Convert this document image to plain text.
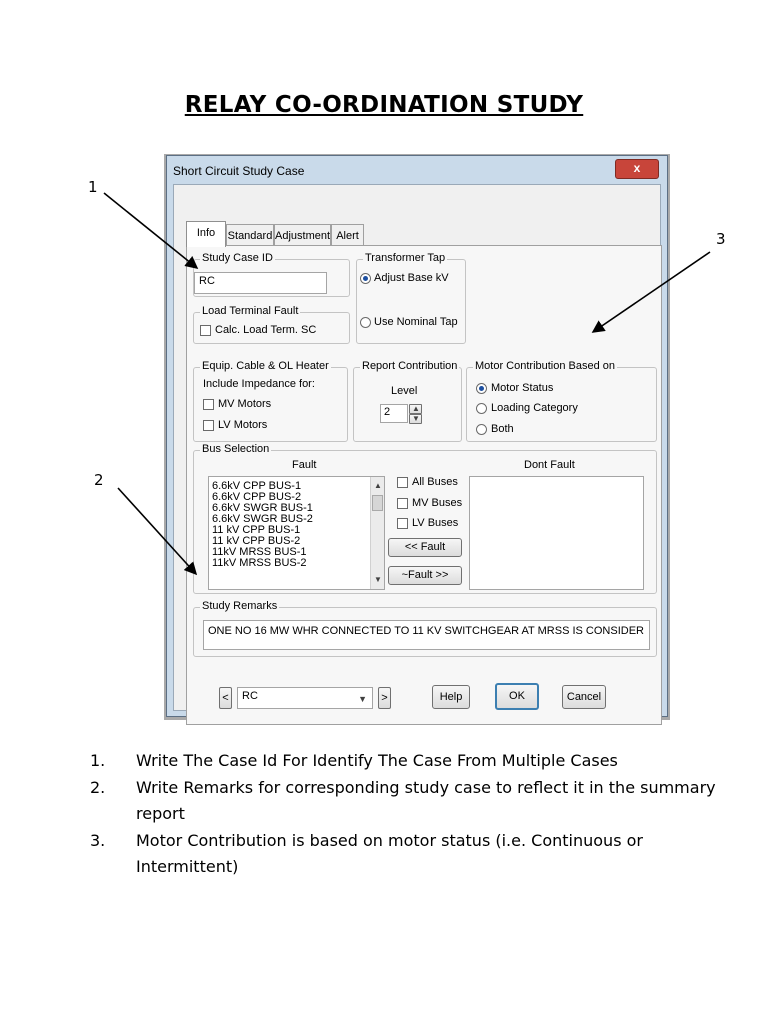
RELAY CO-ORDINATION STUDY
1
3
2
Short Circuit Study Case	x
Info	Standard Adjustment Alert
Study Case ID
RC
Load Terminal Fault
Calc. Load Term. SC
Transformer Tap
Adjust Base kV
Use Nominal Tap
Equip. Cable & OL Heater
Include Impedance for:
MV Motors
LV Motors
Report Contribution
Level
2	▲
▼
Motor Contribution Based on
Motor Status
Loading Category
Both
Bus Selection
Fault	Dont Fault
6.6kV CPP BUS-1
6.6kV CPP BUS-2
6.6kV SWGR BUS-1
6.6kV SWGR BUS-2
11 kV CPP BUS-1
11 kV CPP BUS-2
11kV MRSS BUS-1
11kV MRSS BUS-2
▲
▼
All Buses
MV Buses
LV Buses
<< Fault
~Fault >>
Study Remarks
ONE NO 16 MW WHR CONNECTED TO 11 KV SWITCHGEAR AT MRSS IS CONSIDER
<	RC	▼ >	Help	OK	Cancel
1. Write The Case Id For Identify The Case From Multiple Cases
2. Write Remarks for corresponding study case to reflect it in the summary report
3. Motor Contribution is based on motor status (i.e. Continuous or Intermittent)
